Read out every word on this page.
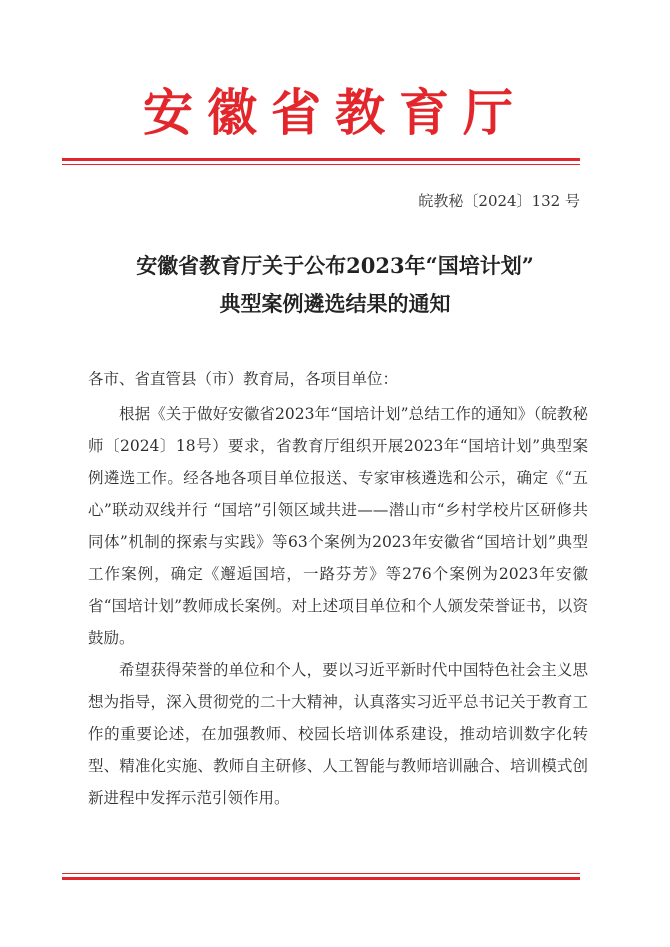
安徽省教育厅
皖教秘〔2024〕132 号
安徽省教育厅关于公布2023年“国培计划”
典型案例遴选结果的通知
各市、省直管县（市）教育局，各项目单位：

根据《关于做好安徽省2023年“国培计划”总结工作的通知》（皖教秘师〔2024〕18号）要求，省教育厅组织开展2023年“国培计划”典型案例遴选工作。经各地各项目单位报送、专家审核遴选和公示，确定《“五心”联动双线并行 “国培”引领区域共进——潜山市“乡村学校片区研修共同体”机制的探索与实践》等63个案例为2023年安徽省“国培计划”典型工作案例，确定《邂逅国培，一路芬芳》等276个案例为2023年安徽省“国培计划”教师成长案例。对上述项目单位和个人颁发荣誉证书，以资鼓励。

希望获得荣誉的单位和个人，要以习近平新时代中国特色社会主义思想为指导，深入贯彻党的二十大精神，认真落实习近平总书记关于教育工作的重要论述，在加强教师、校园长培训体系建设，推动培训数字化转型、精准化实施、教师自主研修、人工智能与教师培训融合、培训模式创新进程中发挥示范引领作用。
